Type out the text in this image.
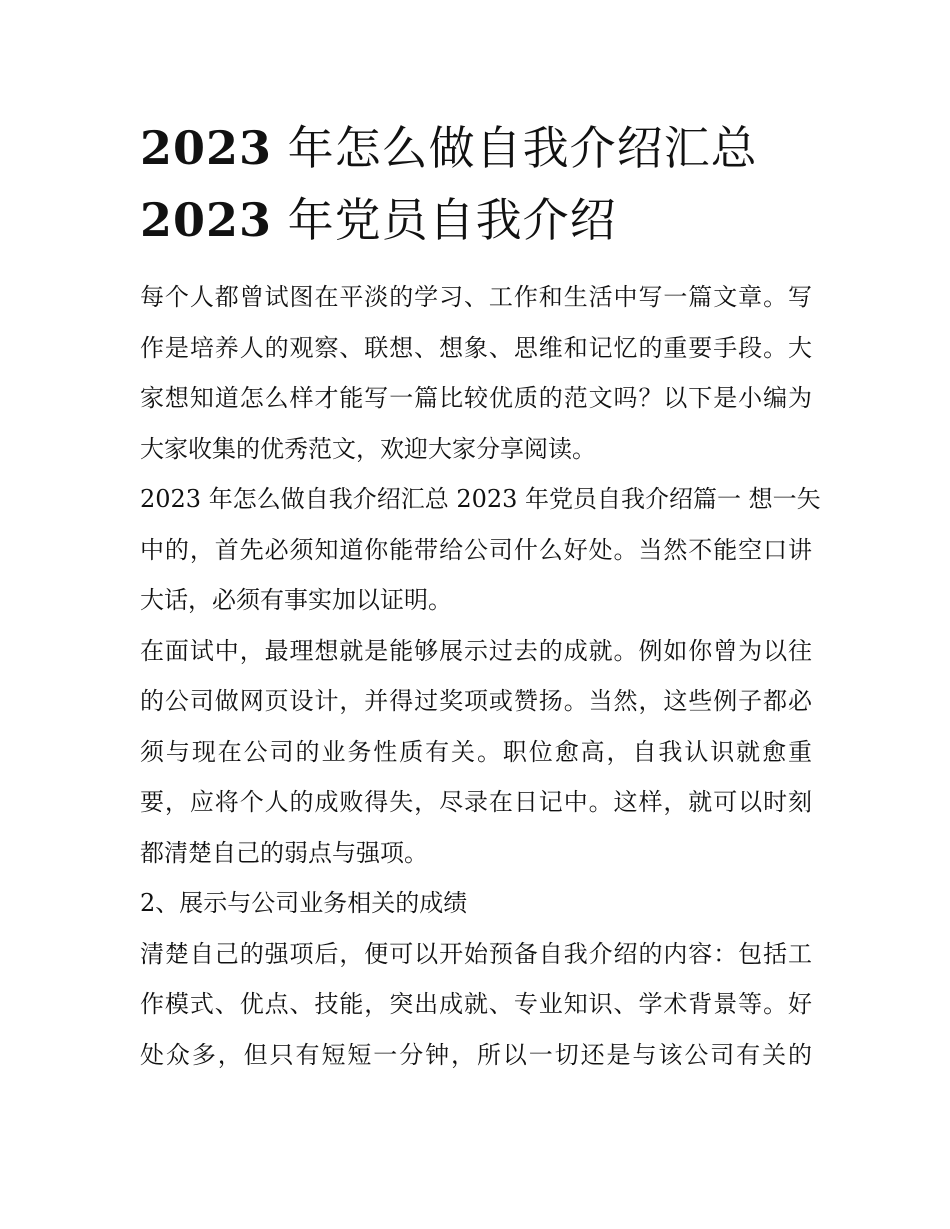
2023 年怎么做自我介绍汇总
2023 年党员自我介绍

每个人都曾试图在平淡的学习、工作和生活中写一篇文章。写
作是培养人的观察、联想、想象、思维和记忆的重要手段。大
家想知道怎么样才能写一篇比较优质的范文吗？以下是小编为
大家收集的优秀范文，欢迎大家分享阅读。

2023 年怎么做自我介绍汇总 2023 年党员自我介绍篇一 想一矢
中的，首先必须知道你能带给公司什么好处。当然不能空口讲
大话，必须有事实加以证明。

在面试中，最理想就是能够展示过去的成就。例如你曾为以往
的公司做网页设计，并得过奖项或赞扬。当然，这些例子都必
须与现在公司的业务性质有关。职位愈高，自我认识就愈重
要，应将个人的成败得失，尽录在日记中。这样，就可以时刻
都清楚自己的弱点与强项。

2、展示与公司业务相关的成绩

清楚自己的强项后，便可以开始预备自我介绍的内容：包括工
作模式、优点、技能，突出成就、专业知识、学术背景等。好
处众多，但只有短短一分钟，所以一切还是与该公司有关的
